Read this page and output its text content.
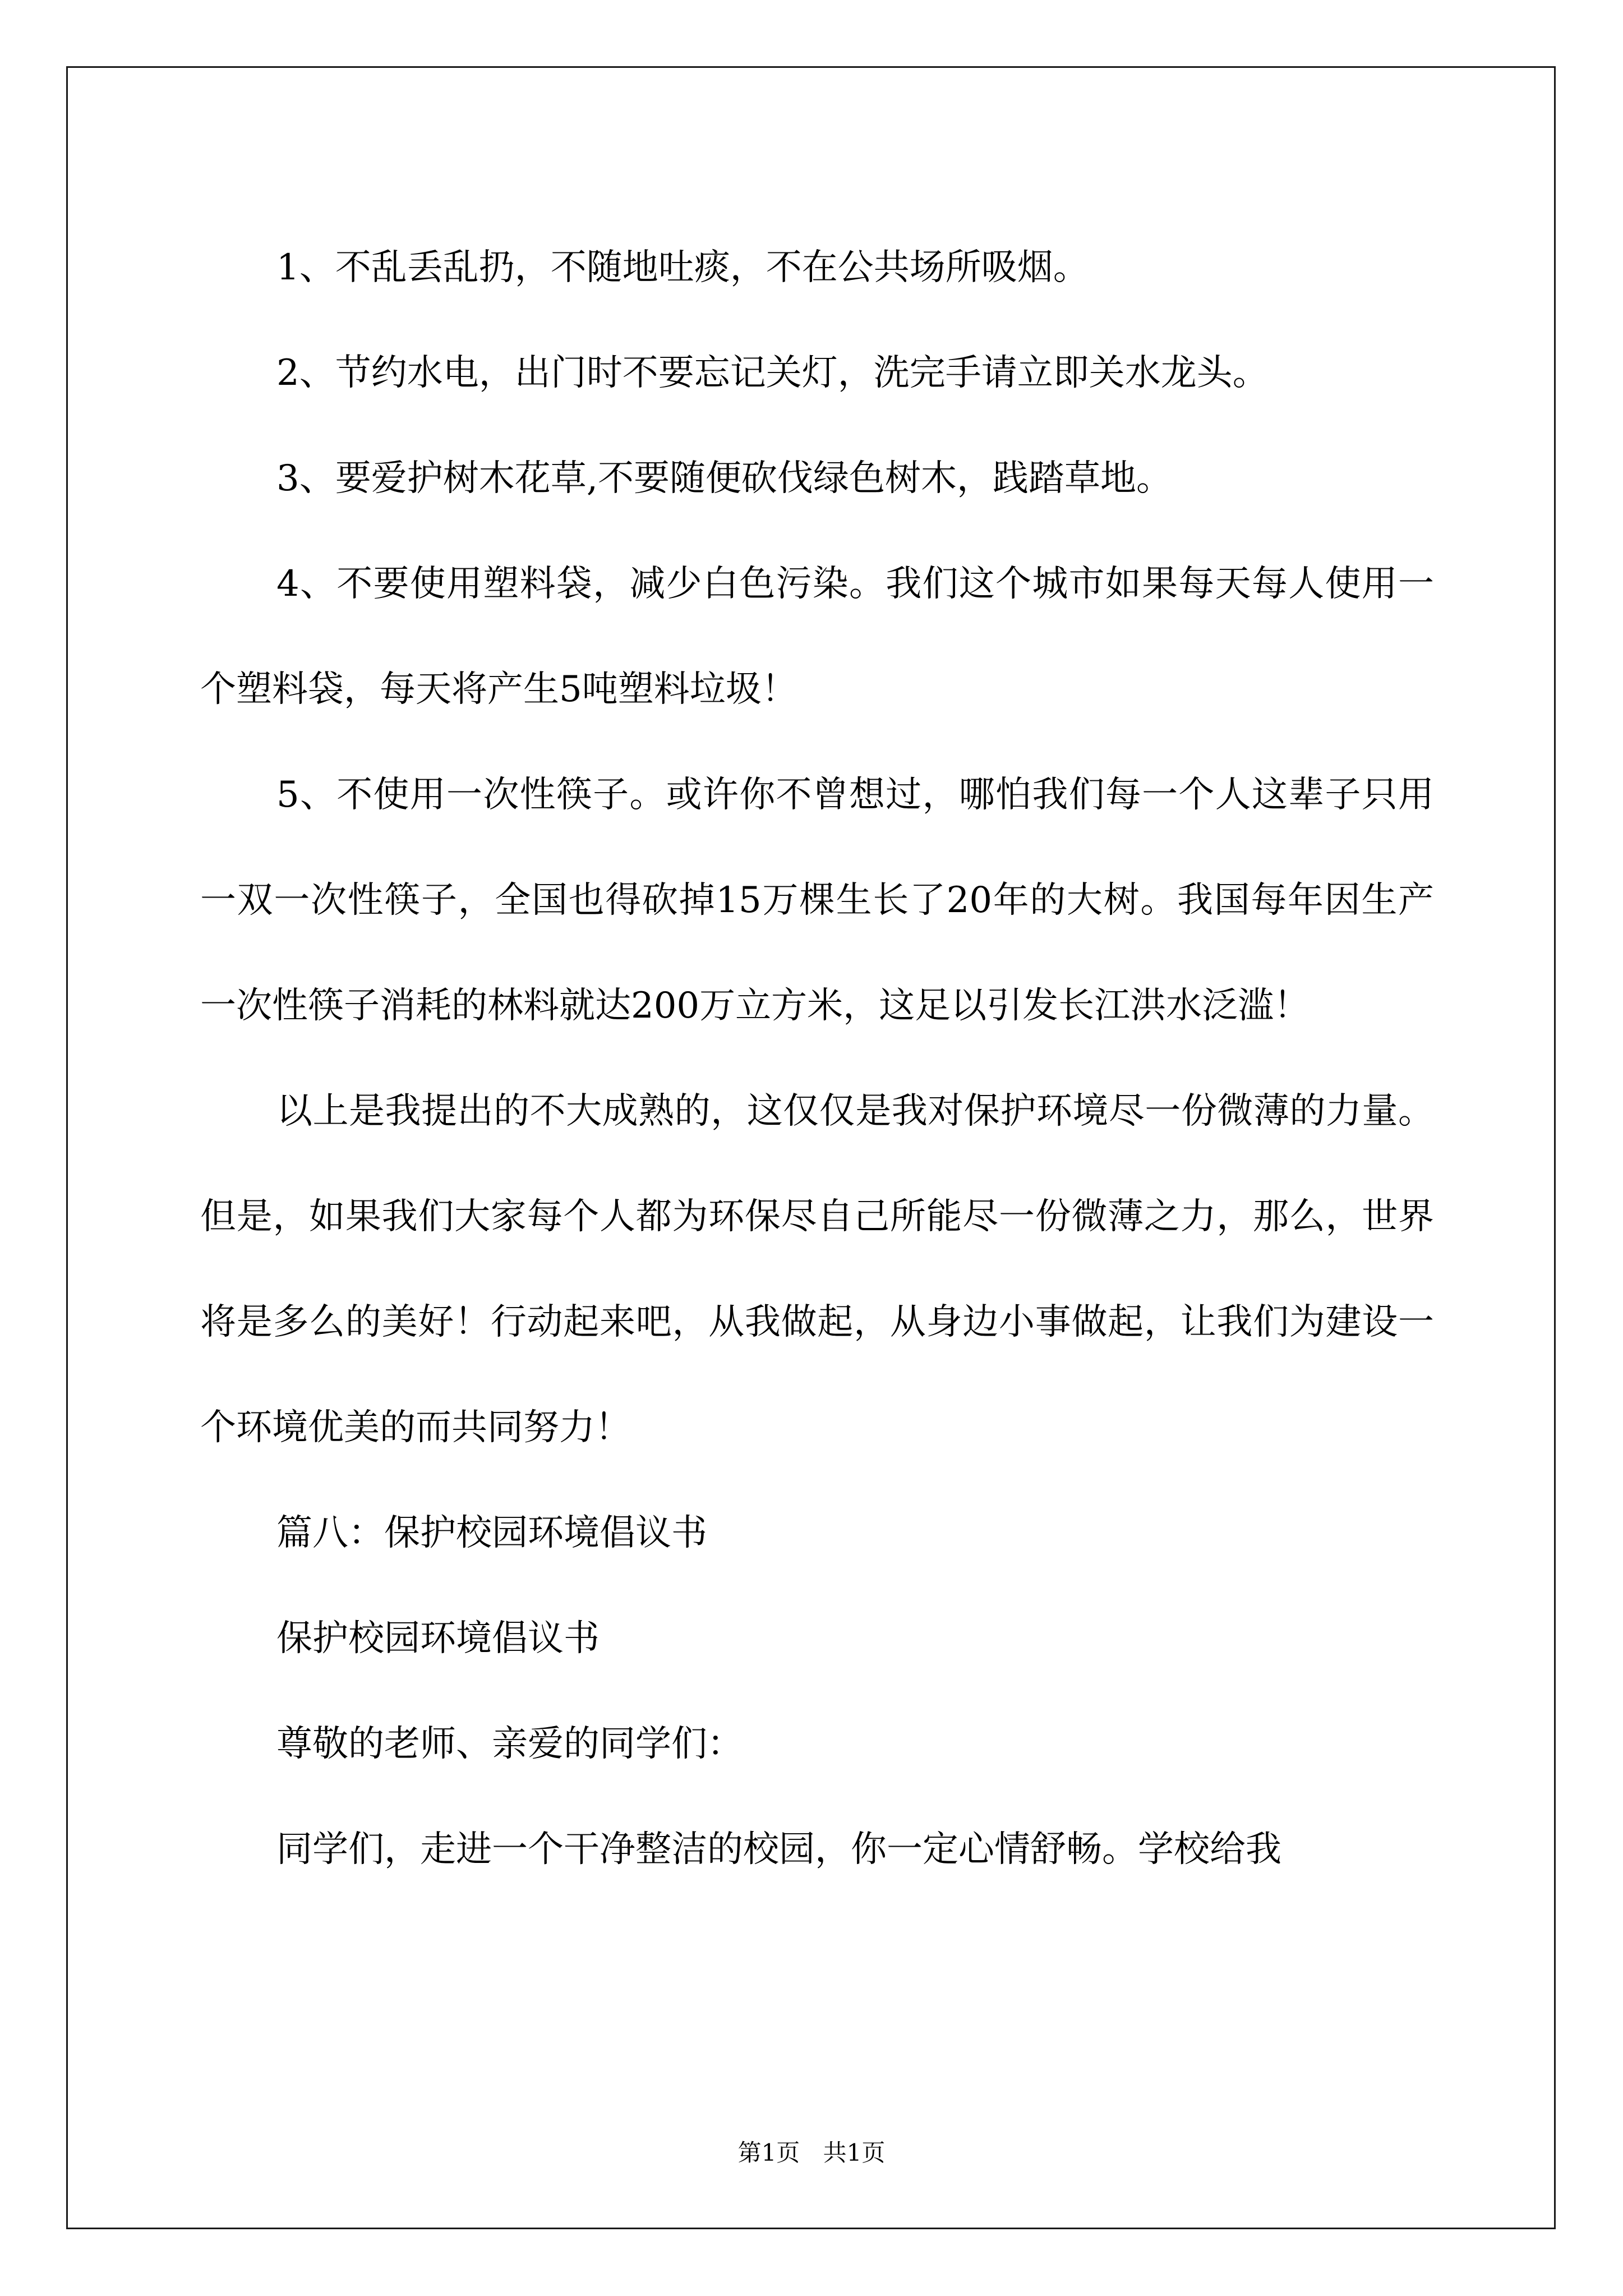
1、不乱丢乱扔，不随地吐痰，不在公共场所吸烟。

2、节约水电，出门时不要忘记关灯，洗完手请立即关水龙头。

3、要爱护树木花草,不要随便砍伐绿色树木，践踏草地。

4、不要使用塑料袋，减少白色污染。我们这个城市如果每天每人使用一个塑料袋，每天将产生5吨塑料垃圾！

5、不使用一次性筷子。或许你不曾想过，哪怕我们每一个人这辈子只用一双一次性筷子，全国也得砍掉15万棵生长了20年的大树。我国每年因生产一次性筷子消耗的林料就达200万立方米，这足以引发长江洪水泛滥！

以上是我提出的不大成熟的，这仅仅是我对保护环境尽一份微薄的力量。但是，如果我们大家每个人都为环保尽自己所能尽一份微薄之力，那么，世界将是多么的美好！行动起来吧，从我做起，从身边小事做起，让我们为建设一个环境优美的而共同努力！

篇八：保护校园环境倡议书

保护校园环境倡议书

尊敬的老师、亲爱的同学们：

同学们，走进一个干净整洁的校园，你一定心情舒畅。学校给我

第1页 共1页
